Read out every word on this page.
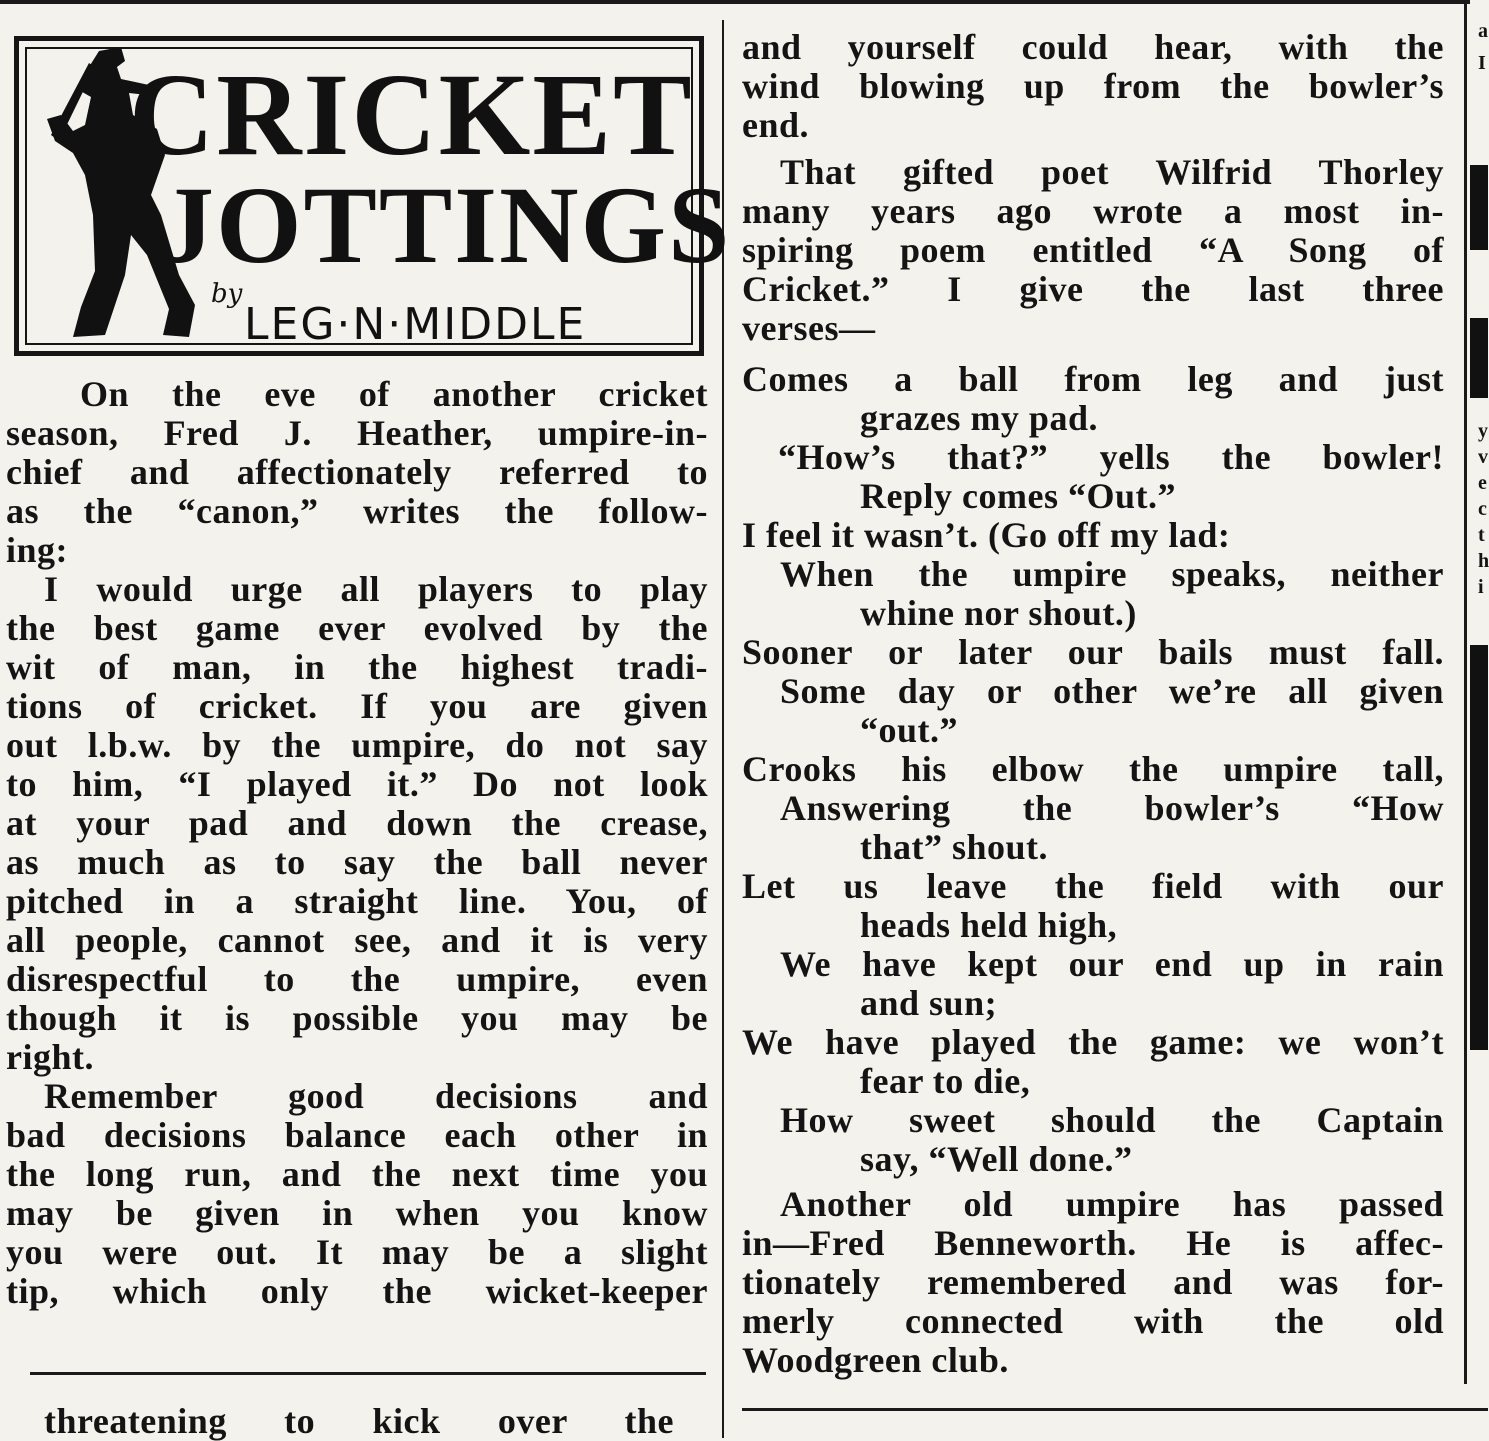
CRICKET
JOTTINGS
by
LEG·N·MIDDLE
On the eve of another cricket
season, Fred J. Heather, umpire-in-
chief and affectionately referred to
as the “canon,” writes the follow-
ing:
I would urge all players to play
the best game ever evolved by the
wit of man, in the highest tradi-
tions of cricket. If you are given
out l.b.w. by the umpire, do not say
to him, “I played it.” Do not look
at your pad and down the crease,
as much as to say the ball never
pitched in a straight line. You, of
all people, cannot see, and it is very
disrespectful to the umpire, even
though it is possible you may be
right.
Remember good decisions and
bad decisions balance each other in
the long run, and the next time you
may be given in when you know
you were out. It may be a slight
tip, which only the wicket-keeper
threatening to kick over the
and yourself could hear, with the
wind blowing up from the bowler’s
end.
That gifted poet Wilfrid Thorley
many years ago wrote a most in-
spiring poem entitled “A Song of
Cricket.” I give the last three
verses—
Comes a ball from leg and just
grazes my pad.
“How’s that?” yells the bowler!
Reply comes “Out.”
I feel it wasn’t. (Go off my lad:
When the umpire speaks, neither
whine nor shout.)
Sooner or later our bails must fall.
Some day or other we’re all given
“out.”
Crooks his elbow the umpire tall,
Answering the bowler’s “How
that” shout.
Let us leave the field with our
heads held high,
We have kept our end up in rain
and sun;
We have played the game: we won’t
fear to die,
How sweet should the Captain
say, “Well done.”
Another old umpire has passed
in—Fred Benneworth. He is affec-
tionately remembered and was for-
merly connected with the old
Woodgreen club.
a
I
y
v
e
c
t
h
i
